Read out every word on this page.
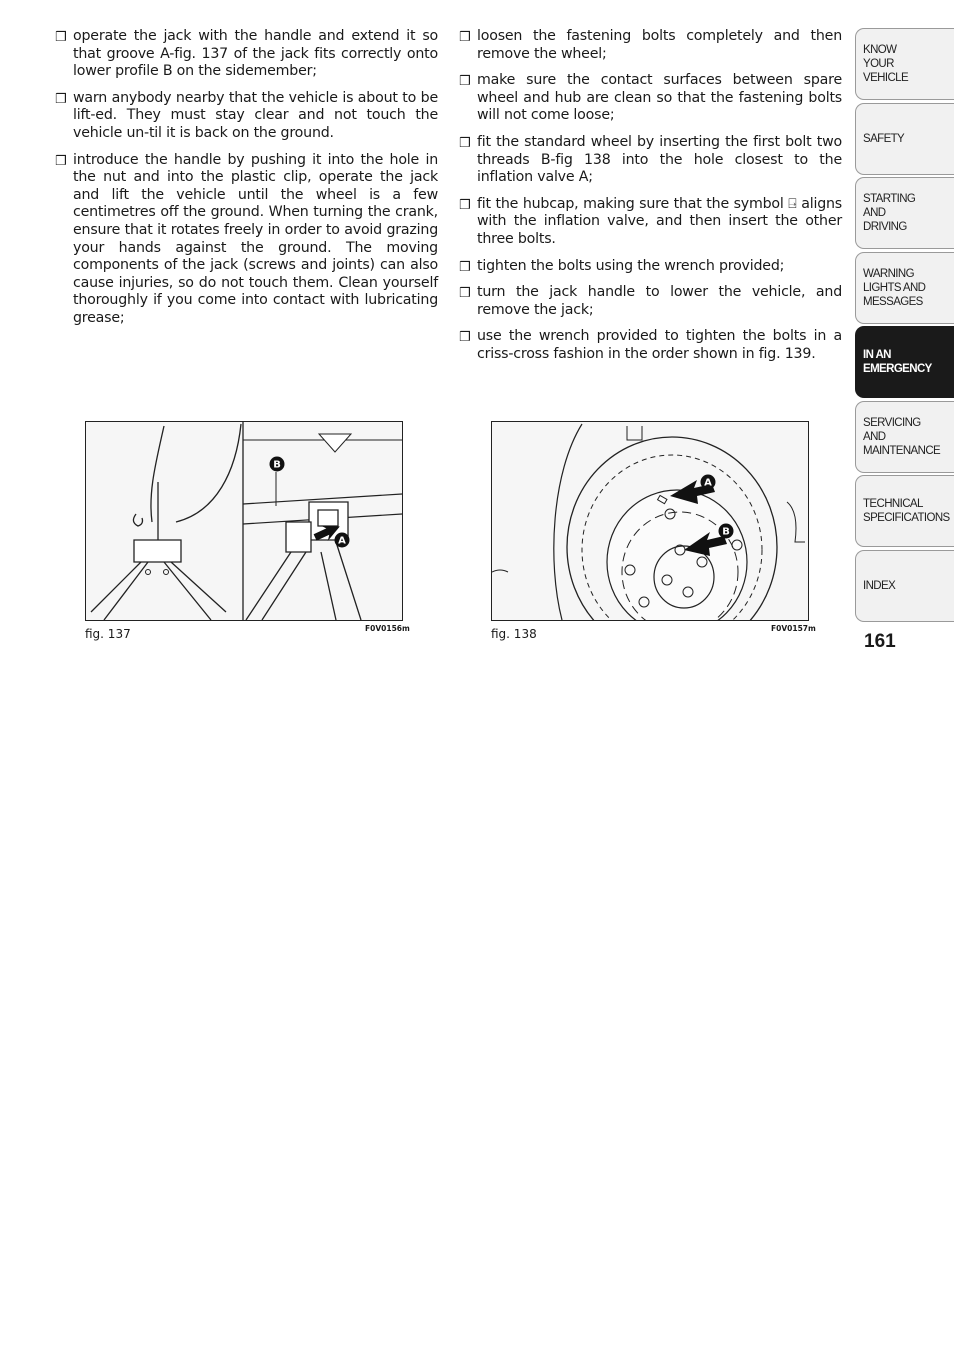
❒ operate the jack with the handle and extend it so that groove A-fig. 137 of the jack fits correctly onto lower profile B on the sidemember;
❒ warn anybody nearby that the vehicle is about to be lift-ed. They must stay clear and not touch the vehicle un-til it is back on the ground.
❒ introduce the handle by pushing it into the hole in the nut and into the plastic clip, operate the jack and lift the vehicle until the wheel is a few centimetres off the ground. When turning the crank, ensure that it rotates freely in order to avoid grazing your hands against the ground. The moving components of the jack (screws and joints) can also cause injuries, so do not touch them. Clean yourself thoroughly if you come into contact with lubricating grease;
❒ loosen the fastening bolts completely and then remove the wheel;
❒ make sure the contact surfaces between spare wheel and hub are clean so that the fastening bolts will not come loose;
❒ fit the standard wheel by inserting the first bolt two threads B-fig 138 into the hole closest to the inflation valve A;
❒ fit the hubcap, making sure that the symbol ⍈ aligns with the inflation valve, and then insert the other three bolts.
❒ tighten the bolts using the wrench provided;
❒ turn the jack handle to lower the vehicle, and remove the jack;
❒ use the wrench provided to tighten the bolts in a criss-cross fashion in the order shown in fig. 139.
B
A
fig. 137	F0V0156m
A
B
fig. 138	F0V0157m
KNOW
YOUR
VEHICLE
SAFETY
STARTING
AND
DRIVING
WARNING
LIGHTS AND
MESSAGES
IN AN
EMERGENCY
SERVICING
AND
MAINTENANCE
TECHNICAL
SPECIFICATIONS
INDEX
161
